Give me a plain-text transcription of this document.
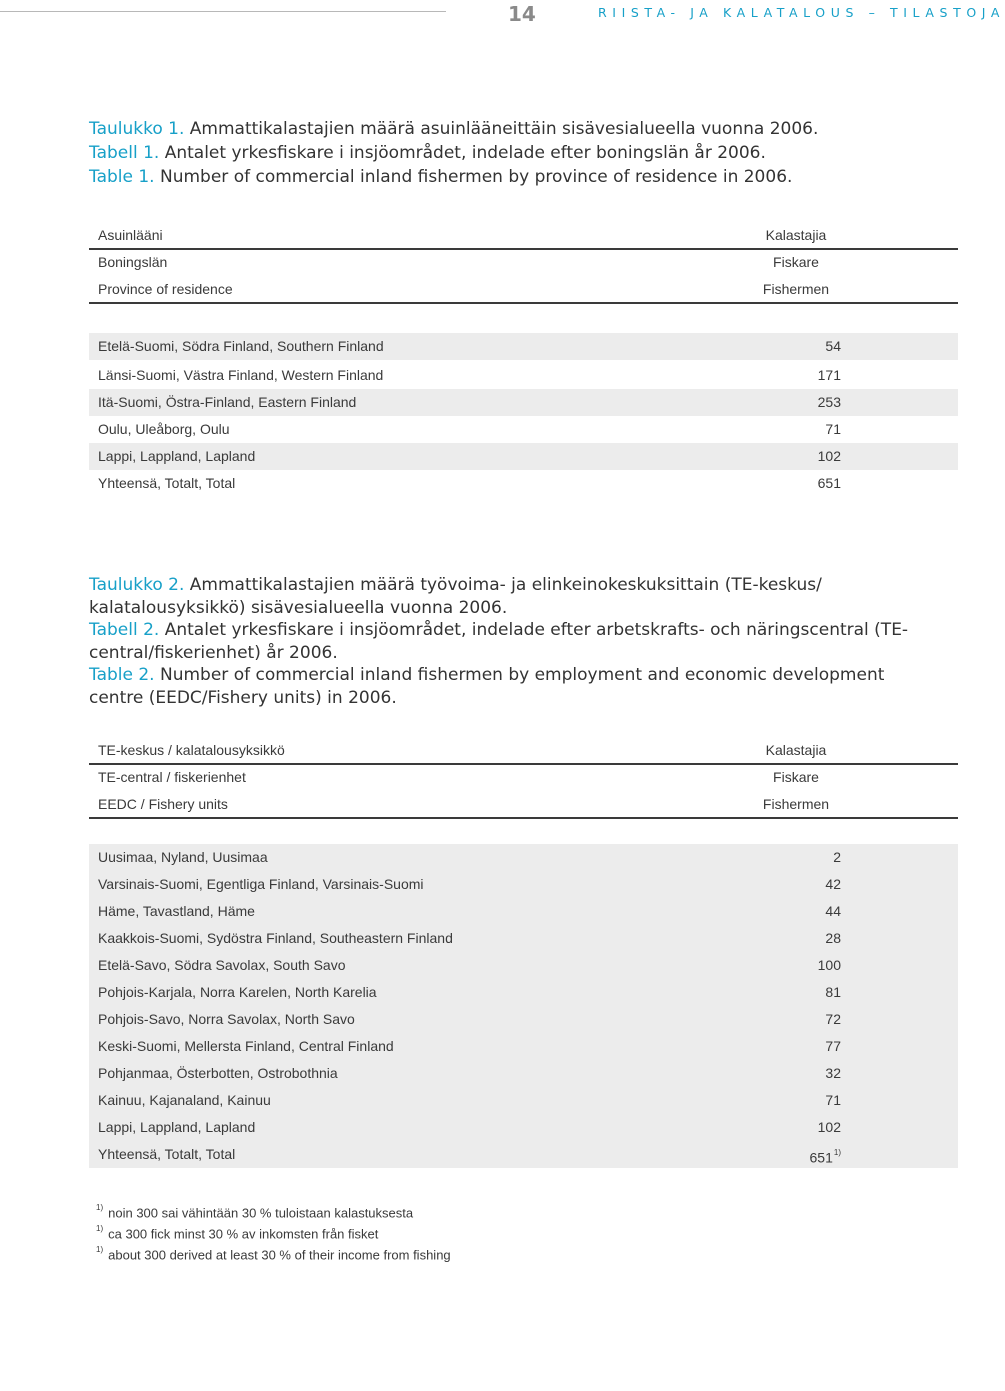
14	RIISTA- JA KALATALOUS – TILASTOJA
Taulukko 1. Ammattikalastajien määrä asuinlääneittäin sisävesialueella vuonna 2006.
Tabell 1. Antalet yrkesfiskare i insjöområdet, indelade efter boningslän år 2006.
Table 1. Number of commercial inland fishermen by province of residence in 2006.
Asuinlääni	Kalastajia
Boningslän	Fiskare
Province of residence	Fishermen
Etelä-Suomi, Södra Finland, Southern Finland	54
Länsi-Suomi, Västra Finland, Western Finland	171
Itä-Suomi, Östra-Finland, Eastern Finland	253
Oulu, Uleåborg, Oulu	71
Lappi, Lappland, Lapland	102
Yhteensä, Totalt, Total	651
Taulukko 2. Ammattikalastajien määrä työvoima- ja elinkeinokeskuksittain (TE-keskus/ kalatalousyksikkö) sisävesialueella vuonna 2006.
Tabell 2. Antalet yrkesfiskare i insjöområdet, indelade efter arbetskrafts- och näringscentral (TE-central/fiskerienhet) år 2006.
Table 2. Number of commercial inland fishermen by employment and economic development centre (EEDC/Fishery units) in 2006.
TE-keskus / kalatalousyksikkö	Kalastajia
TE-central / fiskerienhet	Fiskare
EEDC / Fishery units	Fishermen
Uusimaa, Nyland, Uusimaa	2
Varsinais-Suomi, Egentliga Finland, Varsinais-Suomi	42
Häme, Tavastland, Häme	44
Kaakkois-Suomi, Sydöstra Finland, Southeastern Finland	28
Etelä-Savo, Södra Savolax, South Savo	100
Pohjois-Karjala, Norra Karelen, North Karelia	81
Pohjois-Savo, Norra Savolax, North Savo	72
Keski-Suomi, Mellersta Finland, Central Finland	77
Pohjanmaa, Österbotten, Ostrobothnia	32
Kainuu, Kajanaland, Kainuu	71
Lappi, Lappland, Lapland	102
Yhteensä, Totalt, Total	651$^{1)}$
$^{1)}$ noin 300 sai vähintään 30 % tuloistaan kalastuksesta
$^{1)}$ ca 300 fick minst 30 % av inkomsten från fisket
$^{1)}$ about 300 derived at least 30 % of their income from fishing
